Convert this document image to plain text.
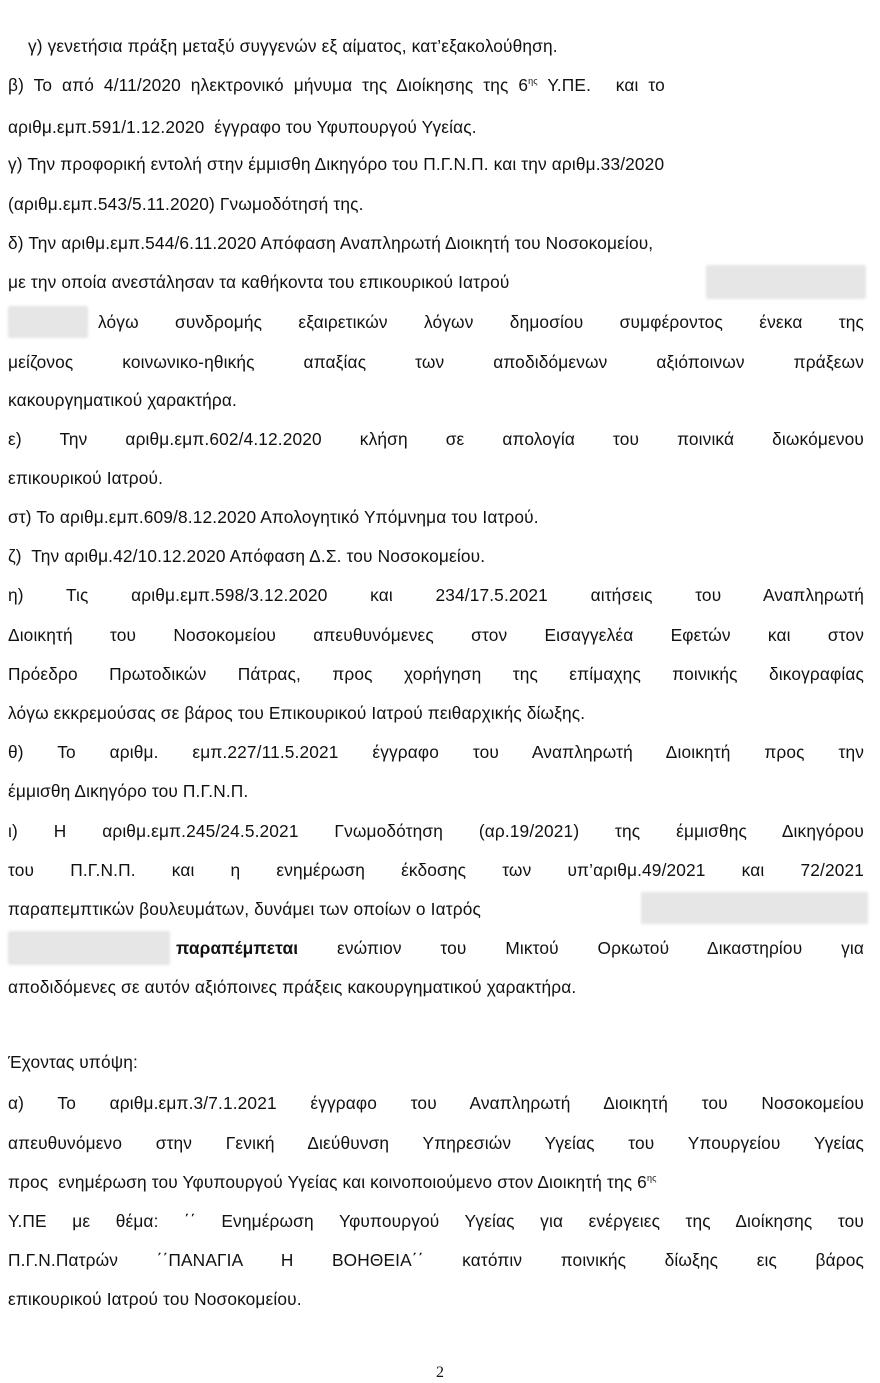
γ) γενετήσια πράξη μεταξύ συγγενών εξ αίματος, κατ’εξακολούθηση.
β)  Το  από  4/11/2020  ηλεκτρονικό  μήνυμα  της  Διοίκησης  της  $6^{\eta\varsigma}$  Υ.ΠΕ.     και  το
αριθμ.εμπ.591/1.12.2020  έγγραφο του Υφυπουργού Υγείας.
γ) Την προφορική εντολή στην έμμισθη Δικηγόρο του Π.Γ.Ν.Π. και την αριθμ.33/2020
(αριθμ.εμπ.543/5.11.2020) Γνωμοδότησή της.
δ) Την αριθμ.εμπ.544/6.11.2020 Απόφαση Αναπληρωτή Διοικητή του Νοσοκομείου,
με την οποία ανεστάλησαν τα καθήκοντα του επικουρικού Ιατρού
λόγω συνδρομής εξαιρετικών λόγων δημοσίου συμφέροντος ένεκα της
μείζονος κοινωνικο-ηθικής απαξίας των αποδιδόμενων αξιόποινων πράξεων
κακουργηματικού χαρακτήρα.
ε) Την αριθμ.εμπ.602/4.12.2020 κλήση σε απολογία του ποινικά διωκόμενου
επικουρικού Ιατρού.
στ) Το αριθμ.εμπ.609/8.12.2020 Απολογητικό Υπόμνημα του Ιατρού.
ζ)  Την αριθμ.42/10.12.2020 Απόφαση Δ.Σ. του Νοσοκομείου.
η) Τις αριθμ.εμπ.598/3.12.2020 και 234/17.5.2021 αιτήσεις του Αναπληρωτή
Διοικητή του Νοσοκομείου απευθυνόμενες στον Εισαγγελέα Εφετών και στον
Πρόεδρο Πρωτοδικών Πάτρας, προς χορήγηση της επίμαχης ποινικής δικογραφίας
λόγω εκκρεμούσας σε βάρος του Επικουρικού Ιατρού πειθαρχικής δίωξης.
θ) Το αριθμ. εμπ.227/11.5.2021 έγγραφο του Αναπληρωτή Διοικητή προς την
έμμισθη Δικηγόρο του Π.Γ.Ν.Π.
ι) Η αριθμ.εμπ.245/24.5.2021 Γνωμοδότηση (αρ.19/2021) της έμμισθης Δικηγόρου
του Π.Γ.Ν.Π. και η ενημέρωση έκδοσης των υπ’αριθμ.49/2021 και 72/2021
παραπεμπτικών βουλευμάτων, δυνάμει των οποίων ο Ιατρός
παραπέμπεται ενώπιον του Μικτού Ορκωτού Δικαστηρίου για
αποδιδόμενες σε αυτόν αξιόποινες πράξεις κακουργηματικού χαρακτήρα.
Έχοντας υπόψη:
α) Το αριθμ.εμπ.3/7.1.2021 έγγραφο του Αναπληρωτή Διοικητή του Νοσοκομείου
απευθυνόμενο στην Γενική Διεύθυνση Υπηρεσιών Υγείας του Υπουργείου Υγείας
προς  ενημέρωση του Υφυπουργού Υγείας και κοινοποιούμενο στον Διοικητή της $6^{\eta\varsigma}$
Υ.ΠΕ με θέμα: ΄΄ Ενημέρωση Υφυπουργού Υγείας για ενέργειες της Διοίκησης του
Π.Γ.Ν.Πατρών ΄΄ΠΑΝΑΓΙΑ Η ΒΟΗΘΕΙΑ΄΄ κατόπιν ποινικής δίωξης εις βάρος
επικουρικού Ιατρού του Νοσοκομείου.
2
